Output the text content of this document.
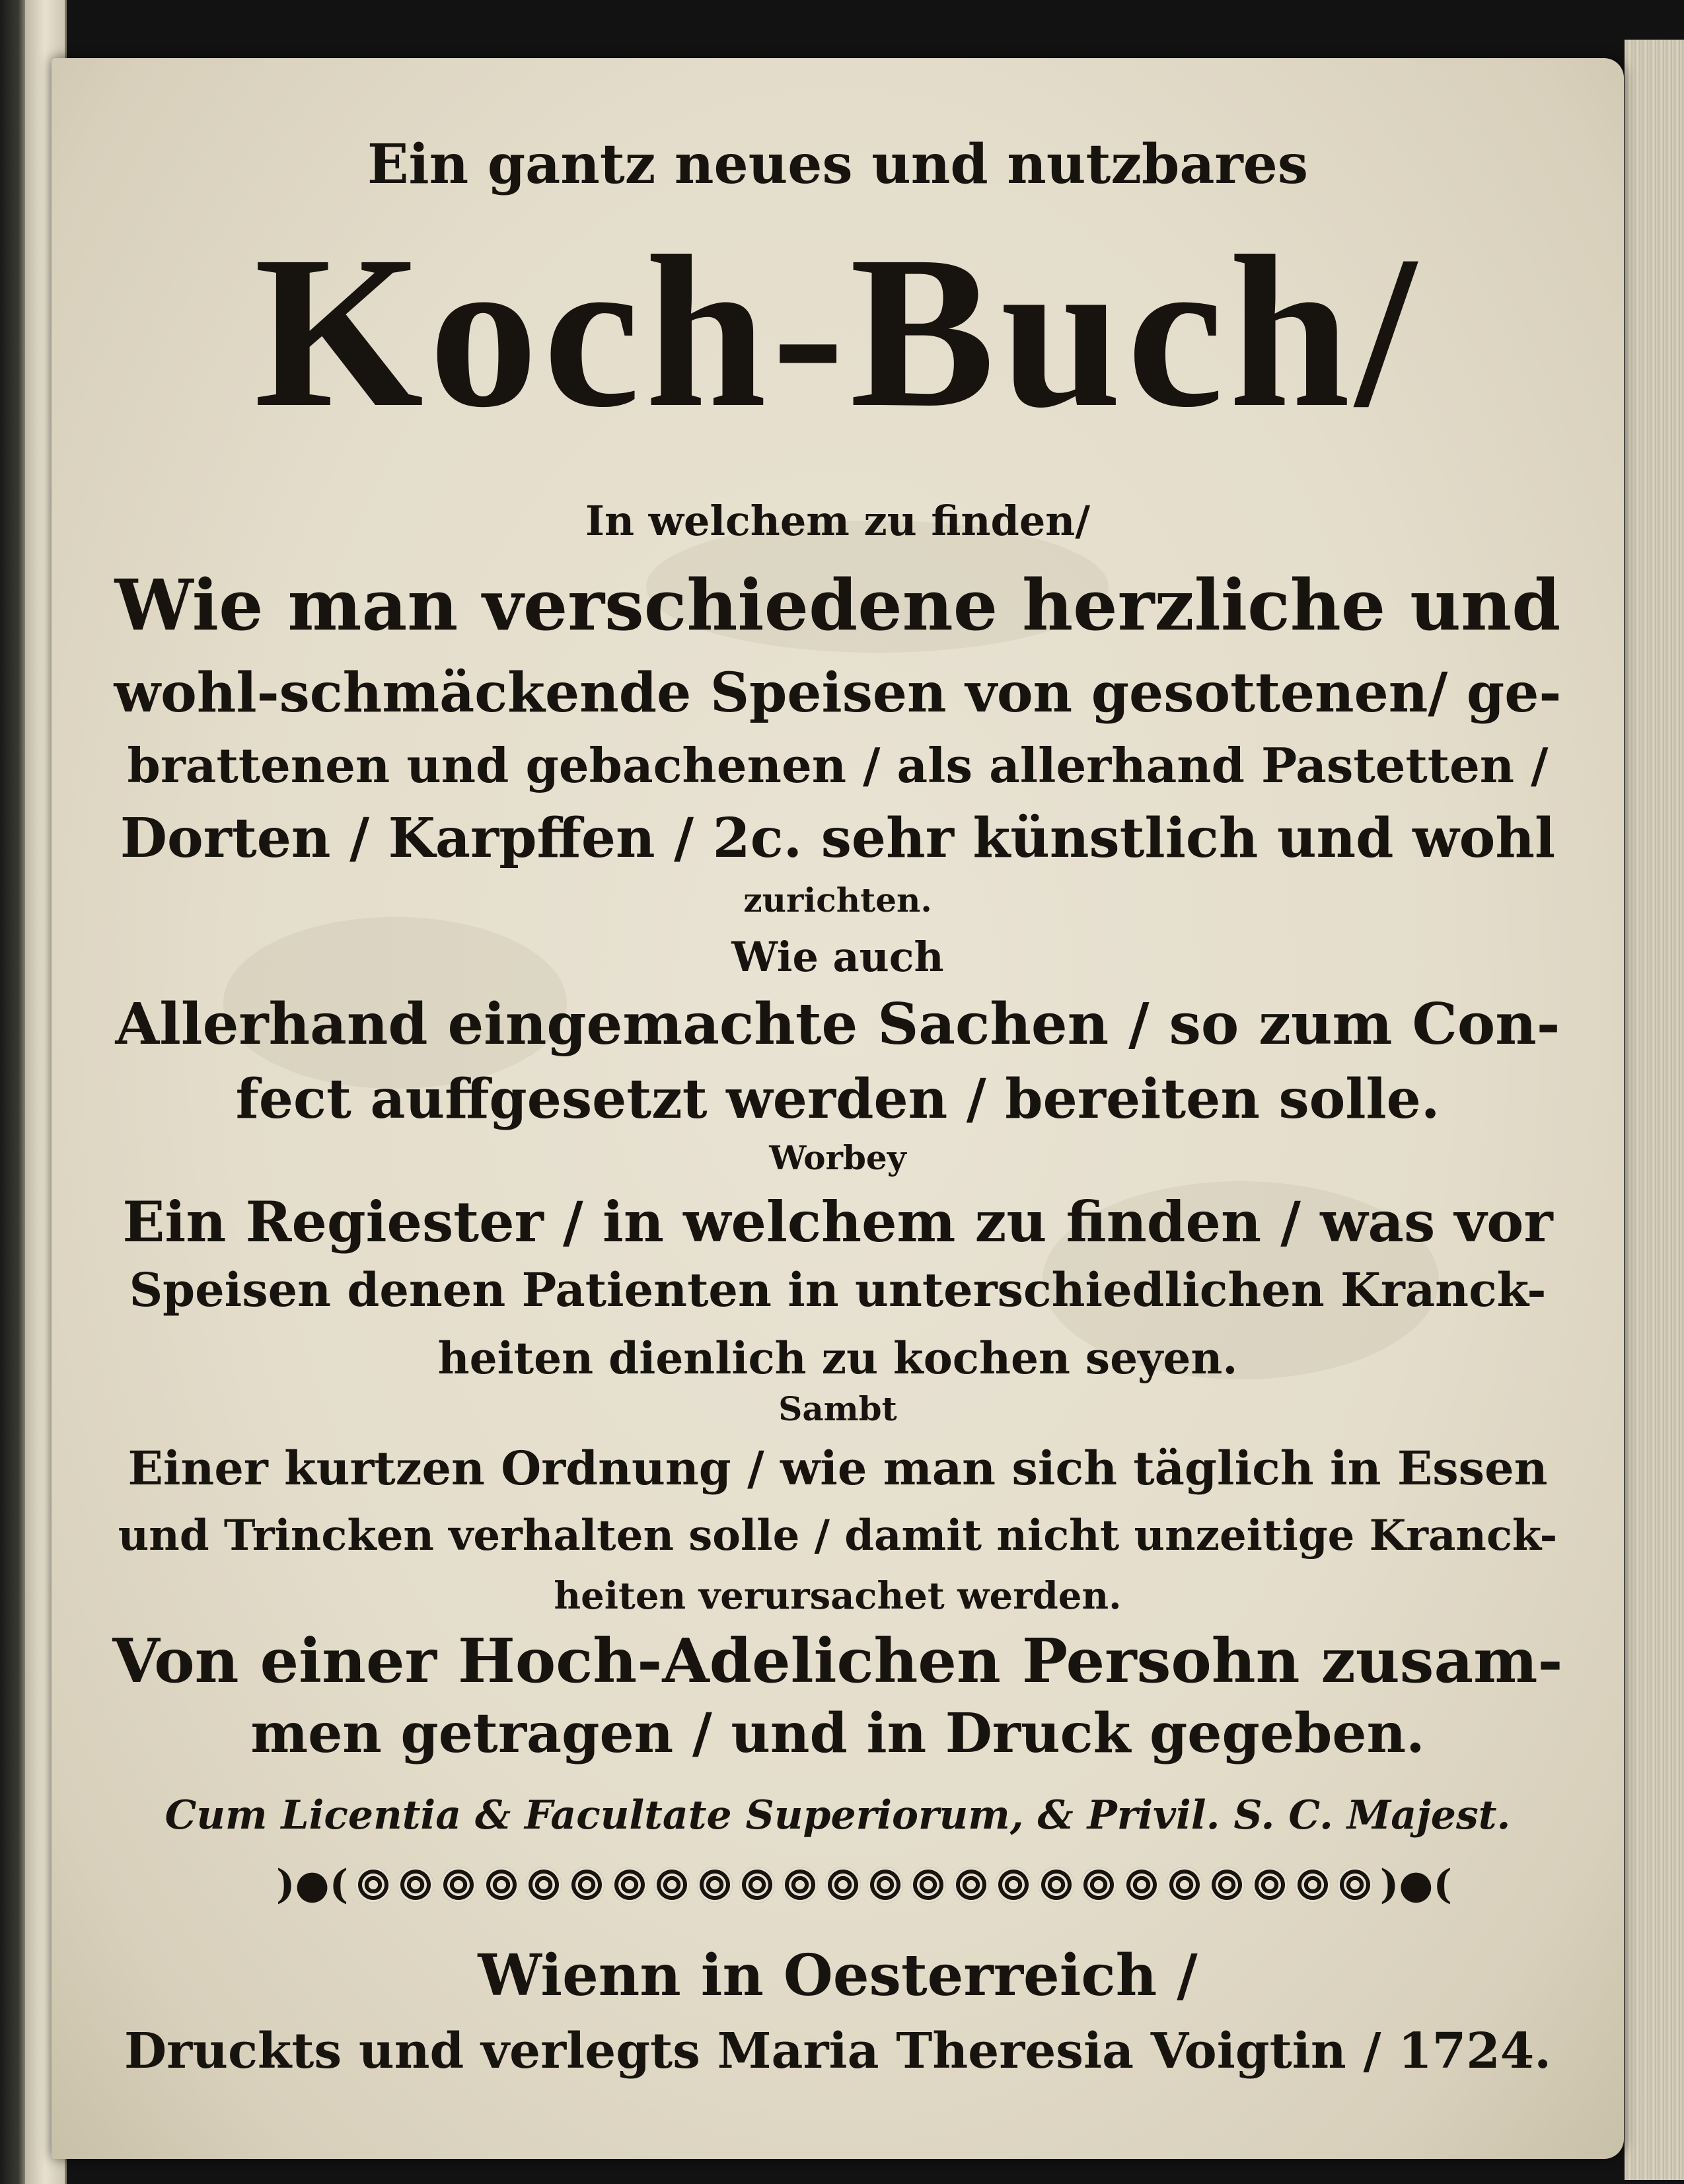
Ein gantz neues und nutzbares
Koch-Buch/
In welchem zu finden/
Wie man verschiedene herzliche und
wohl-schmäckende Speisen von gesottenen/ ge-
brattenen und gebachenen / als allerhand Pastetten /
Dorten / Karpffen / 2c. sehr künstlich und wohl
zurichten.
Wie auch
Allerhand eingemachte Sachen / so zum Con-
fect auffgesetzt werden / bereiten solle.
Worbey
Ein Regiester / in welchem zu finden / was vor
Speisen denen Patienten in unterschiedlichen Kranck-
heiten dienlich zu kochen seyen.
Sambt
Einer kurtzen Ordnung / wie man sich täglich in Essen
und Trincken verhalten solle / damit nicht unzeitige Kranck-
heiten verursachet werden.
Von einer Hoch-Adelichen Persohn zusam-
men getragen / und in Druck gegeben.
Cum Licentia & Facultate Superiorum, & Privil. S. C. Majest.
)●(	)●(
Wienn in Oesterreich /
Druckts und verlegts Maria Theresia Voigtin / 1724.
